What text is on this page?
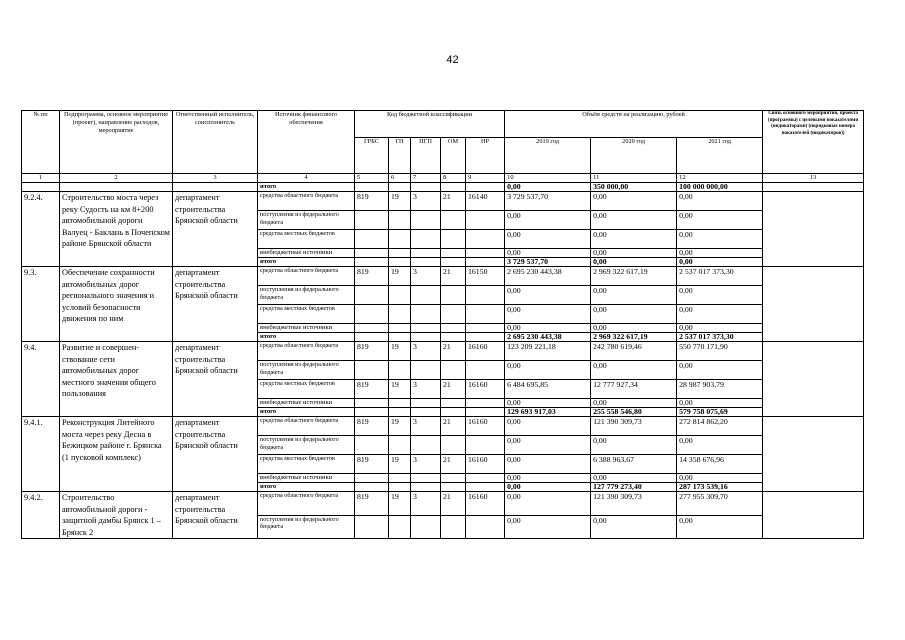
42
№ пп	Подпрограмма, основное мероприятие (проект), направление расходов, мероприятие	Ответственный исполнитель, соисполнитель	Источник финансового обеспечения	Код бюджетной классификации					Объём средств на реализацию, рублей			Связь основного мероприятия, проекта (программы) с целевыми показателями (индикаторами) (порядковые номера показателей (индикаторов))
				ГРБС	ГП	ПГП	ОМ	НР	2019 год	2020 год	2021 год	
1	2	3	4	5	6	7	8	9	10	11	12	13
			итого						0,00	350 000,00	100 000 000,00	
9.2.4.	Строительство моста через реку Судость на км 8+200 автомобильной дороги Валуец - Баклань в Почепском районе Брянской области	департамент строительства Брянской области	средства областного бюджета	819	19	3	21	16140	3 729 537,70	0,00	0,00	
			поступления из федерального бюджета						0,00	0,00	0,00	
			средства местных бюджетов						0,00	0,00	0,00	
			внебюджетные источники						0,00	0,00	0,00	
			итого						3 729 537,70	0,00	0,00	
9.3.	Обеспечение сохранности автомобильных дорог регионального значения и условий безопасности движения по ним	департамент строительства Брянской области	средства областного бюджета	819	19	3	21	16150	2 695 230 443,38	2 969 322 617,19	2 537 017 373,30	
			поступления из федерального бюджета						0,00	0,00	0,00	
			средства местных бюджетов						0,00	0,00	0,00	
			внебюджетные источники						0,00	0,00	0,00	
			итого						2 695 230 443,38	2 969 322 617,19	2 537 017 373,30	
9.4.	Развитие и совершен-ствование сети автомобильных дорог местного значения общего пользования	департамент строительства Брянской области	средства областного бюджета	819	19	3	21	16160	123 209 221,18	242 780 619,46	550 770 171,90	
			поступления из федерального бюджета						0,00	0,00	0,00	
			средства местных бюджетов	819	19	3	21	16160	6 484 695,85	12 777 927,34	28 987 903,79	
			внебюджетные источники						0,00	0,00	0,00	
			итого						129 693 917,03	255 558 546,80	579 758 075,69	
9.4.1.	Реконструкция Литейного моста через реку Десна в Бежицком районе г. Брянска (1 пусковой комплекс)	департамент строительства Брянской области	средства областного бюджета	819	19	3	21	16160	0,00	121 390 309,73	272 814 862,20	
			поступления из федерального бюджета						0,00	0,00	0,00	
			средства местных бюджетов	819	19	3	21	16160	0,00	6 388 963,67	14 358 676,96	
			внебюджетные источники						0,00	0,00	0,00	
			итого						0,00	127 779 273,40	287 173 539,16	
9.4.2.	Строительство автомобильной дороги - защитной дамбы Брянск 1 – Брянск 2	департамент строительства Брянской области	средства областного бюджета	819	19	3	21	16160	0,00	121 390 309,73	277 955 309,70	
			поступления из федерального бюджета						0,00	0,00	0,00	
